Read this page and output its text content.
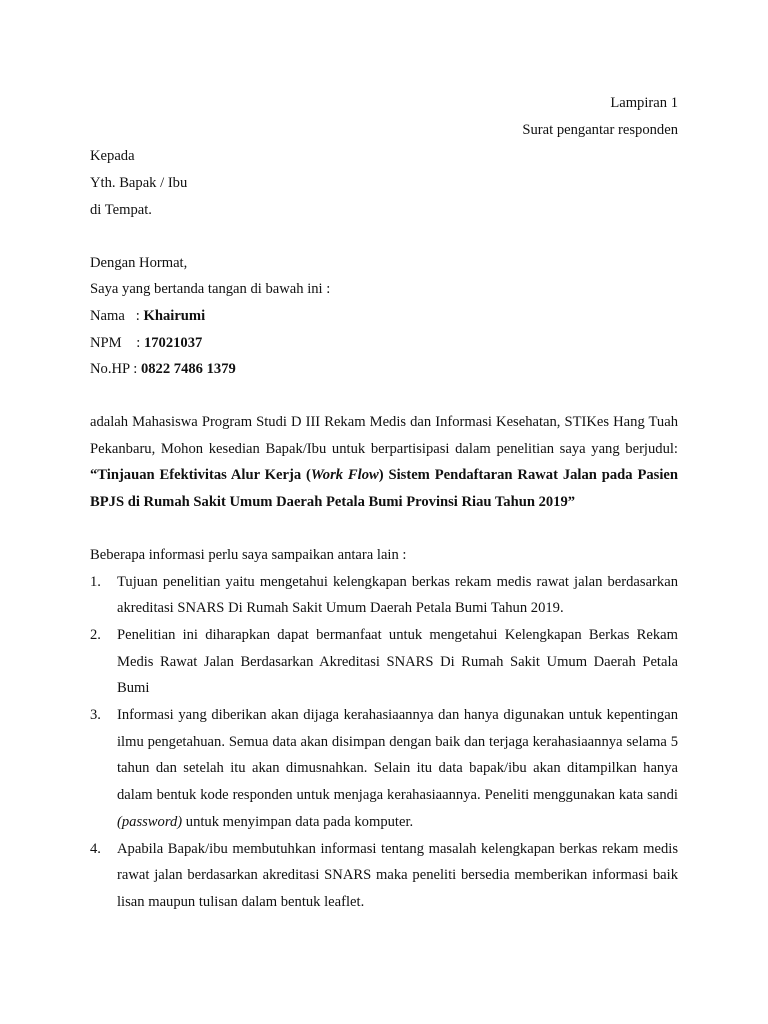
Lampiran 1
Surat pengantar responden
Kepada
Yth. Bapak / Ibu
di Tempat.
Dengan Hormat,
Saya yang bertanda tangan di bawah ini :
Nama   : Khairumi
NPM    : 17021037
No.HP : 0822 7486 1379

adalah Mahasiswa Program Studi D III Rekam Medis dan Informasi Kesehatan, STIKes Hang Tuah Pekanbaru, Mohon kesedian Bapak/Ibu untuk berpartisipasi dalam penelitian saya yang berjudul: “Tinjauan Efektivitas Alur Kerja (Work Flow) Sistem Pendaftaran Rawat Jalan pada Pasien BPJS di Rumah Sakit Umum Daerah Petala Bumi Provinsi Riau Tahun 2019”

Beberapa informasi perlu saya sampaikan antara lain :
1. Tujuan penelitian yaitu mengetahui kelengkapan berkas rekam medis rawat jalan berdasarkan akreditasi SNARS Di Rumah Sakit Umum Daerah Petala Bumi Tahun 2019.
2. Penelitian ini diharapkan dapat bermanfaat untuk mengetahui Kelengkapan Berkas Rekam Medis Rawat Jalan Berdasarkan Akreditasi SNARS Di Rumah Sakit Umum Daerah Petala Bumi
3. Informasi yang diberikan akan dijaga kerahasiaannya dan hanya digunakan untuk kepentingan ilmu pengetahuan. Semua data akan disimpan dengan baik dan terjaga kerahasiaannya selama 5 tahun dan setelah itu akan dimusnahkan. Selain itu data bapak/ibu akan ditampilkan hanya dalam bentuk kode responden untuk menjaga kerahasiaannya. Peneliti menggunakan kata sandi (password) untuk menyimpan data pada komputer.
4. Apabila Bapak/ibu membutuhkan informasi tentang masalah kelengkapan berkas rekam medis rawat jalan berdasarkan akreditasi SNARS maka peneliti bersedia memberikan informasi baik lisan maupun tulisan dalam bentuk leaflet.
